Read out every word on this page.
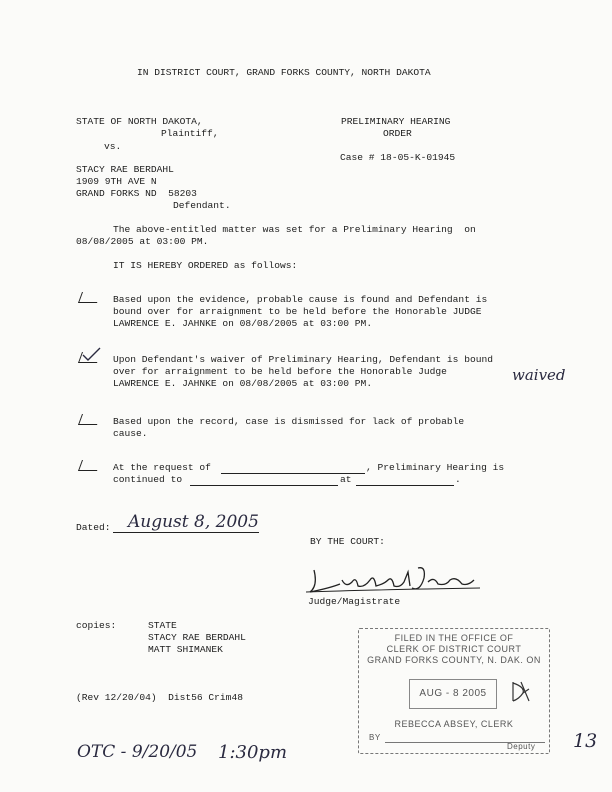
IN DISTRICT COURT, GRAND FORKS COUNTY, NORTH DAKOTA
STATE OF NORTH DAKOTA,
Plaintiff,
vs.
STACY RAE BERDAHL
1909 9TH AVE N
GRAND FORKS ND  58203
Defendant.
PRELIMINARY HEARING
ORDER
Case # 18-05-K-01945
The above-entitled matter was set for a Preliminary Hearing  on
08/08/2005 at 03:00 PM.
IT IS HEREBY ORDERED as follows:
Based upon the evidence, probable cause is found and Defendant is
bound over for arraignment to be held before the Honorable JUDGE
LAWRENCE E. JAHNKE on 08/08/2005 at 03:00 PM.
Upon Defendant's waiver of Preliminary Hearing, Defendant is bound
over for arraignment to be held before the Honorable Judge
LAWRENCE E. JAHNKE on 08/08/2005 at 03:00 PM.	waived
Based upon the record, case is dismissed for lack of probable
cause.
At the request of	, Preliminary Hearing is
continued to	at	.
Dated: August 8, 2005
BY THE COURT:
Judge/Magistrate
copies:	STATE
STACY RAE BERDAHL
MATT SHIMANEK
(Rev 12/20/04)  Dist56 Crim48
FILED IN THE OFFICE OF
CLERK OF DISTRICT COURT
GRAND FORKS COUNTY, N. DAK. ON
AUG - 8 2005
REBECCA ABSEY, CLERK
BY
Deputy
OTC - 9/20/05 1:30pm
13
